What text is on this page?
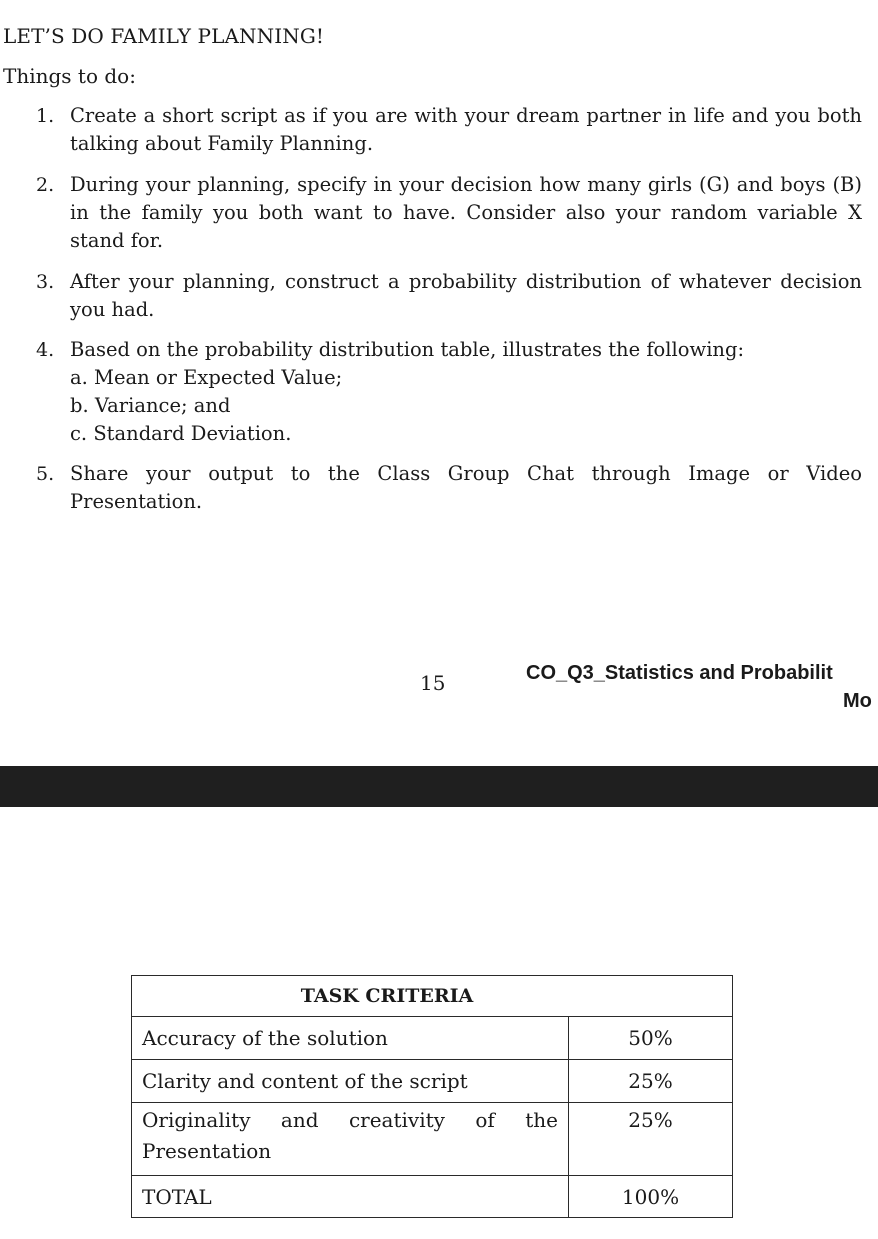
LET’S DO FAMILY PLANNING!
Things to do:
1. Create a short script as if you are with your dream partner in life and you both talking about Family Planning.
2. During your planning, specify in your decision how many girls (G) and boys (B) in the family you both want to have. Consider also your random variable X stand for.
3. After your planning, construct a probability distribution of whatever decision you had.
4. Based on the probability distribution table, illustrates the following:
a. Mean or Expected Value;
b. Variance; and
c. Standard Deviation.
5. Share your output to the Class Group Chat through Image or Video Presentation.
15	CO_Q3_Statistics and Probabilit
Mo
TASK CRITERIA	
Accuracy of the solution	50%
Clarity and content of the script	25%
Originality and creativity of the Presentation	25%
TOTAL	100%
